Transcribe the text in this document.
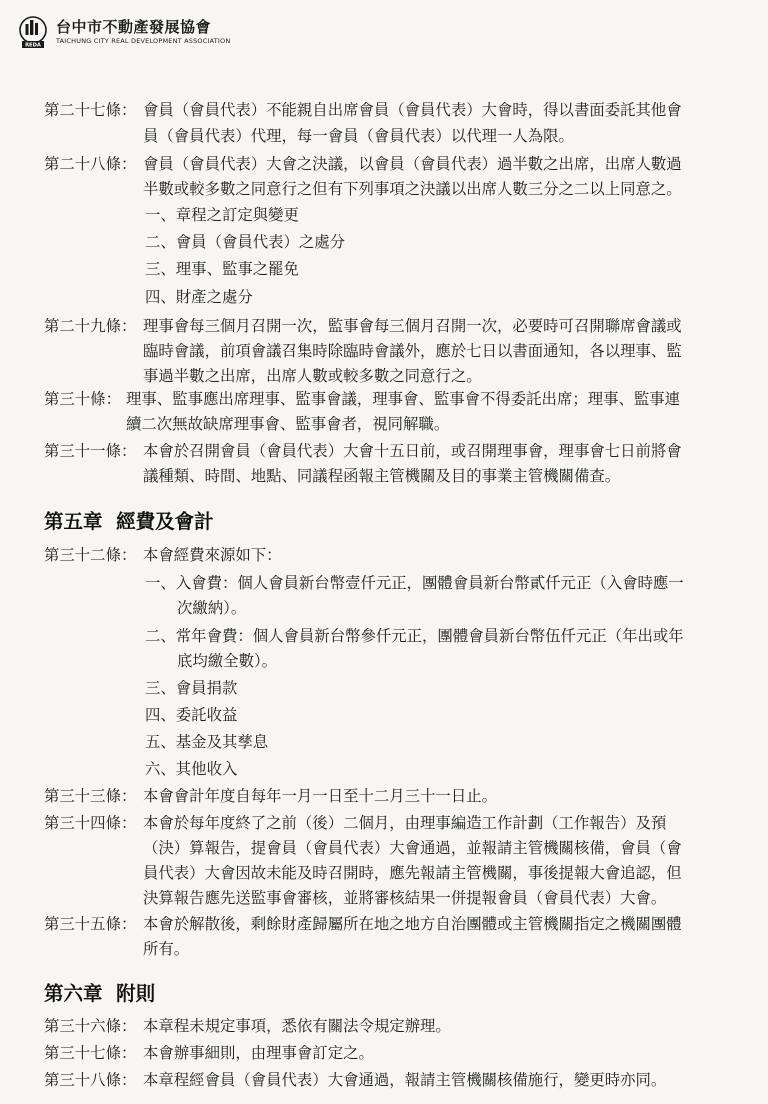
REDA
台中市不動產發展協會
TAICHUNG CITY REAL DEVELOPMENT ASSOCIATION
第二十七條： 會員（會員代表）不能親自出席會員（會員代表）大會時，得以書面委託其他會
員（會員代表）代理，每一會員（會員代表）以代理一人為限。
第二十八條： 會員（會員代表）大會之決議，以會員（會員代表）過半數之出席，出席人數過
半數或較多數之同意行之但有下列事項之決議以出席人數三分之二以上同意之。
一、章程之訂定與變更
二、會員（會員代表）之處分
三、理事、監事之罷免
四、財產之處分
第二十九條： 理事會每三個月召開一次，監事會每三個月召開一次，必要時可召開聯席會議或
臨時會議，前項會議召集時除臨時會議外，應於七日以書面通知，各以理事、監
事過半數之出席，出席人數或較多數之同意行之。
第三十條： 理事、監事應出席理事、監事會議，理事會、監事會不得委託出席；理事、監事連
續二次無故缺席理事會、監事會者，視同解職。
第三十一條： 本會於召開會員（會員代表）大會十五日前，或召開理事會，理事會七日前將會
議種類、時間、地點、同議程函報主管機關及目的事業主管機關備查。
第五章  經費及會計
第三十二條： 本會經費來源如下：
一、入會費：個人會員新台幣壹仟元正，團體會員新台幣貳仟元正（入會時應一
次繳納）。
二、常年會費：個人會員新台幣參仟元正，團體會員新台幣伍仟元正（年出或年
底均繳全數）。
三、會員捐款
四、委託收益
五、基金及其孳息
六、其他收入
第三十三條： 本會會計年度自每年一月一日至十二月三十一日止。
第三十四條： 本會於每年度終了之前（後）二個月，由理事編造工作計劃（工作報告）及預
（決）算報告，提會員（會員代表）大會通過，並報請主管機關核備，會員（會
員代表）大會因故未能及時召開時，應先報請主管機關，事後提報大會追認，但
決算報告應先送監事會審核，並將審核結果一併提報會員（會員代表）大會。
第三十五條： 本會於解散後，剩餘財產歸屬所在地之地方自治團體或主管機關指定之機關團體
所有。
第六章  附則
第三十六條： 本章程未規定事項，悉依有關法令規定辦理。
第三十七條： 本會辦事細則，由理事會訂定之。
第三十八條： 本章程經會員（會員代表）大會通過，報請主管機關核備施行，變更時亦同。
